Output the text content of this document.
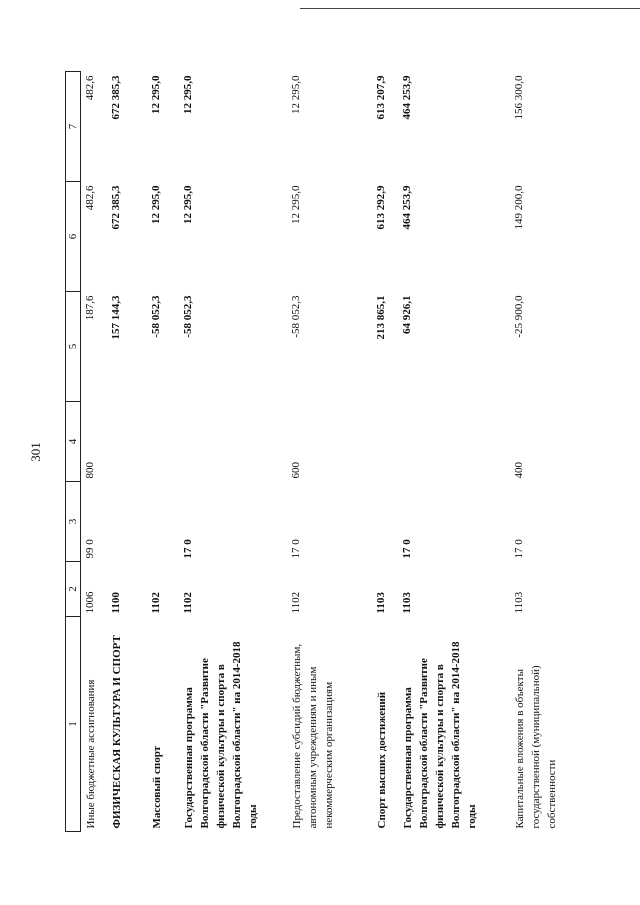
301
1	2	3	4	5	6	7
Иные бюджетные ассигнования	1006	99 0	800	187,6	482,6	482,6
ФИЗИЧЕСКАЯ КУЛЬТУРА И СПОРТ	1100			157 144,3	672 385,3	672 385,3
Массовый спорт	1102			-58 052,3	12 295,0	12 295,0
Государственная программа Волгоградской области "Развитие физической культуры и спорта в Волгоградской области" на 2014-2018 годы	1102	17 0		-58 052,3	12 295,0	12 295,0
Предоставление субсидий бюджетным, автономным учреждениям и иным некоммерческим организациям	1102	17 0	600	-58 052,3	12 295,0	12 295,0
Спорт высших достижений	1103			213 865,1	613 292,9	613 207,9
Государственная программа Волгоградской области "Развитие физической культуры и спорта в Волгоградской области" на 2014-2018 годы	1103	17 0		64 926,1	464 253,9	464 253,9
Капитальные вложения в объекты государственной (муниципальной) собственности	1103	17 0	400	-25 900,0	149 200,0	156 300,0
